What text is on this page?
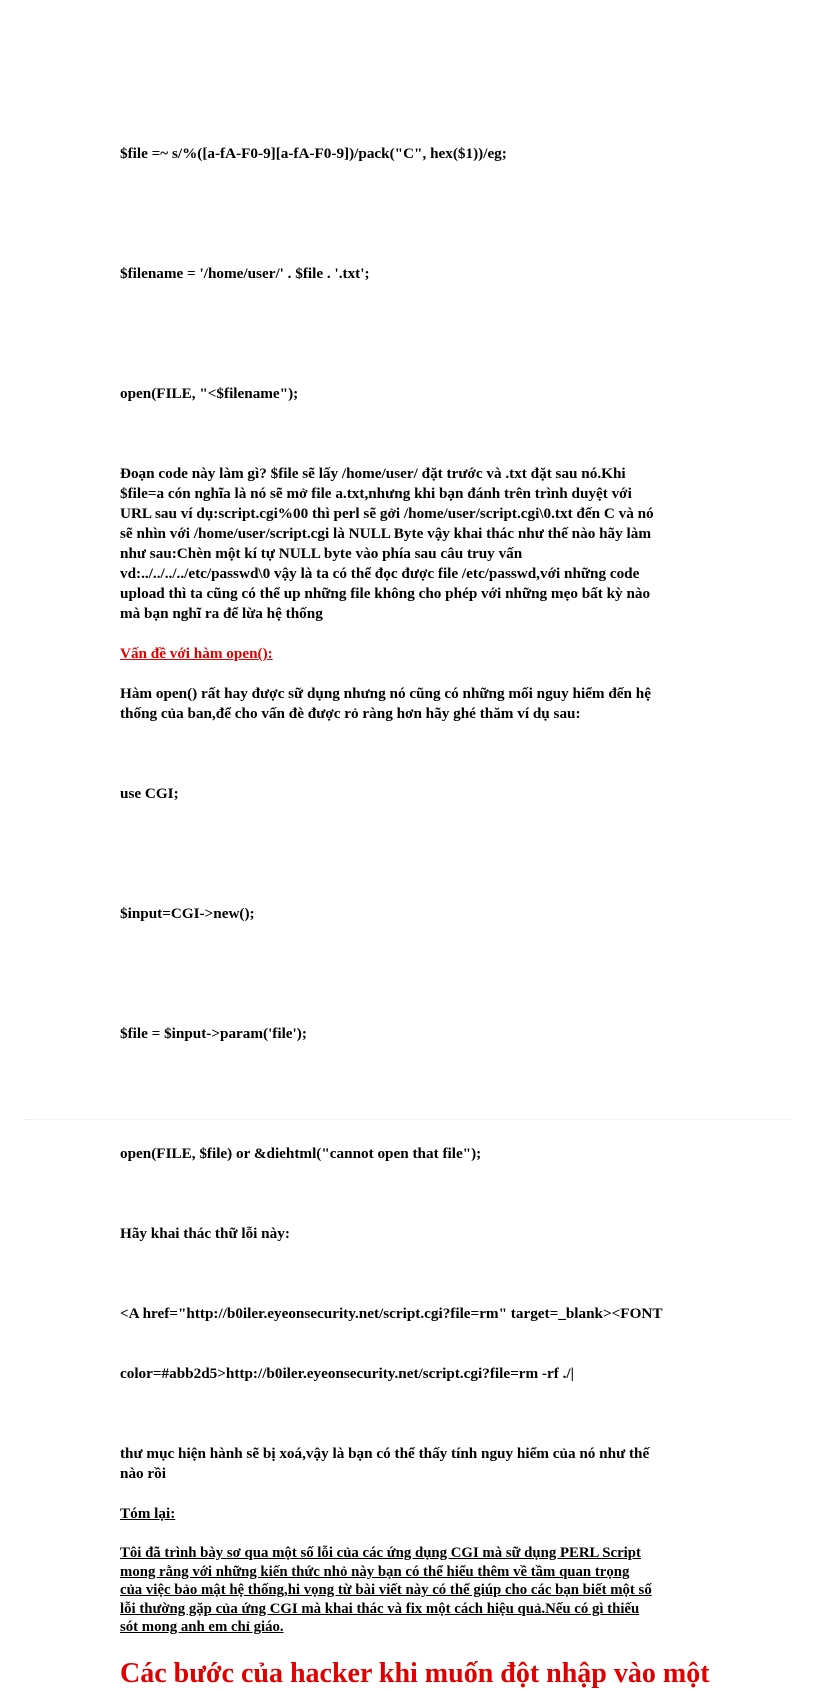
$file =~ s/%([a-fA-F0-9][a-fA-F0-9])/pack("C", hex($1))/eg;

$filename = '/home/user/' . $file . '.txt';

open(FILE, "<$filename");

Đoạn code này làm gì? $file sẽ lấy /home/user/ đặt trước và .txt đặt sau nó.Khi
$file=a cón nghĩa là nó sẽ mở file a.txt,nhưng khi bạn đánh trên trình duyệt với
URL sau ví dụ:script.cgi%00 thì perl sẽ gởi /home/user/script.cgi\0.txt đến C và nó
sẽ nhìn với /home/user/script.cgi là NULL Byte vậy khai thác như thế nào hãy làm
như sau:Chèn một kí tự NULL byte vào phía sau câu truy vấn
vd:../../../../etc/passwd\0 vậy là ta có thể đọc được file /etc/passwd,với những code
upload thì ta cũng có thể up những file không cho phép với những mẹo bất kỳ nào
mà bạn nghĩ ra để lừa hệ thống
Vấn đề với hàm open():
Hàm open() rất hay được sữ dụng nhưng nó cũng có những mối nguy hiểm đến hệ
thống của ban,để cho vấn đè được rỏ ràng hơn hãy ghé thăm ví dụ sau:

use CGI;

$input=CGI->new();

$file = $input->param('file');

open(FILE, $file) or &diehtml("cannot open that file");

Hãy khai thác thữ lỗi này:

<A href="http://b0iler.eyeonsecurity.net/script.cgi?file=rm" target=_blank><FONT

color=#abb2d5>http://b0iler.eyeonsecurity.net/script.cgi?file=rm -rf ./|

thư mục hiện hành sẽ bị xoá,vậy là bạn có thể thấy tính nguy hiểm của nó như thế
nào rồi
Tóm lại:
Tôi đã trình bày sơ qua một số lỗi của các ứng dụng CGI mà sữ dụng PERL Script
mong rằng với những kiến thức nhỏ này bạn có thể hiểu thêm về tầm quan trọng
của việc bảo mật hệ thống,hi vọng từ bài viết này có thể giúp cho các bạn biết một số
lỗi thường gặp của ứng CGI mà khai thác và fix một cách hiệu quả.Nếu có gì thiếu
sót mong anh em chỉ giáo.
Các bước của hacker khi muốn đột nhập vào một
